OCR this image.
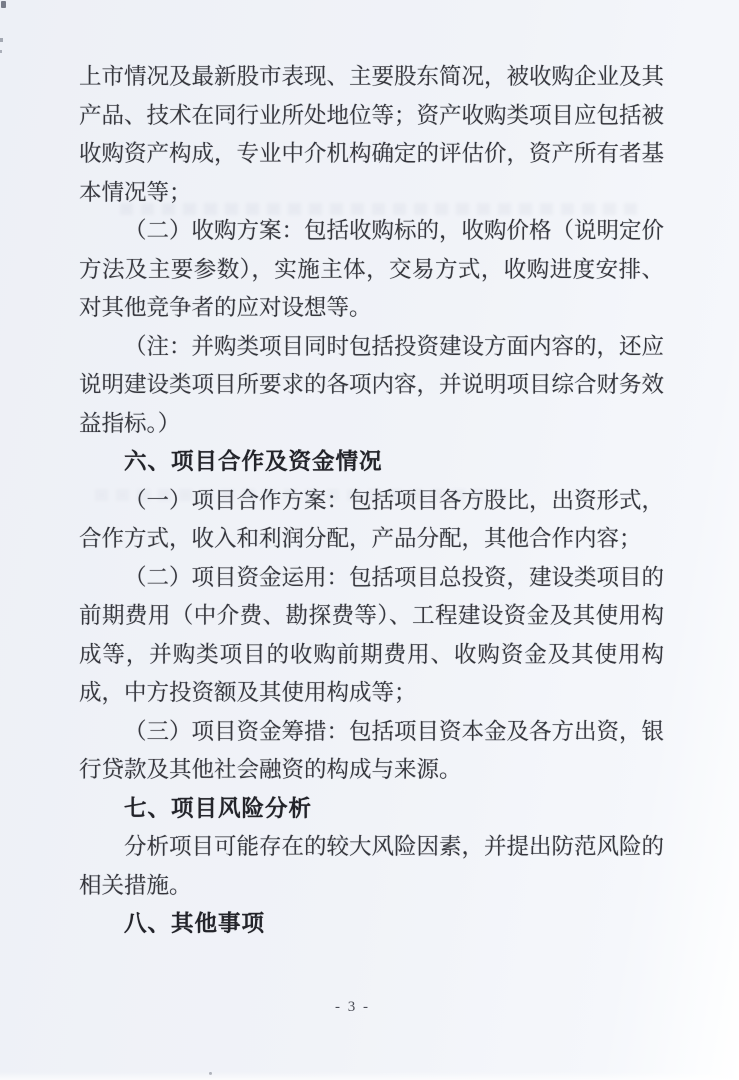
上市情况及最新股市表现、主要股东简况，被收购企业及其产品、技术在同行业所处地位等；资产收购类项目应包括被收购资产构成，专业中介机构确定的评估价，资产所有者基本情况等；

（二）收购方案：包括收购标的，收购价格（说明定价方法及主要参数），实施主体，交易方式，收购进度安排、对其他竞争者的应对设想等。

（注：并购类项目同时包括投资建设方面内容的，还应说明建设类项目所要求的各项内容，并说明项目综合财务效益指标。）

六、项目合作及资金情况

（一）项目合作方案：包括项目各方股比，出资形式，合作方式，收入和利润分配，产品分配，其他合作内容；

（二）项目资金运用：包括项目总投资，建设类项目的前期费用（中介费、勘探费等）、工程建设资金及其使用构成等，并购类项目的收购前期费用、收购资金及其使用构成，中方投资额及其使用构成等；

（三）项目资金筹措：包括项目资本金及各方出资，银行贷款及其他社会融资的构成与来源。

七、项目风险分析

分析项目可能存在的较大风险因素，并提出防范风险的相关措施。

八、其他事项
- 3 -
